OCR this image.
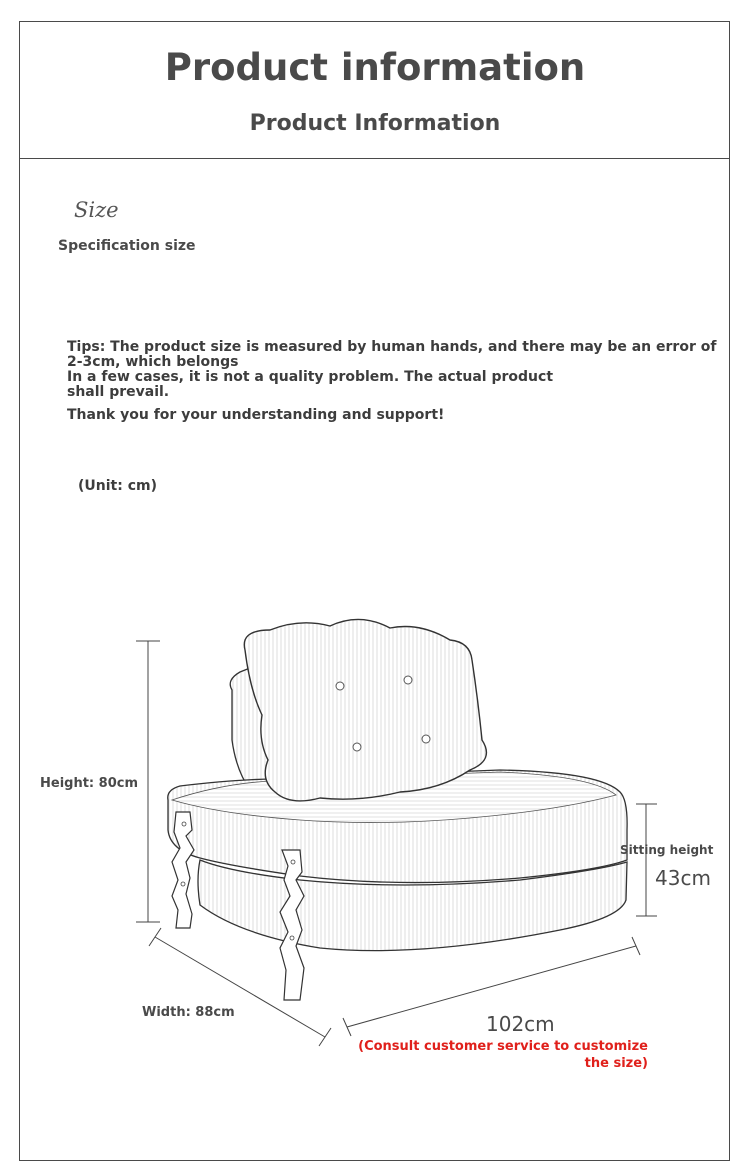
Product information
Product Information
Size
Specification size
Tips: The product size is measured by human hands, and there may be an error of
2-3cm, which belongs
In a few cases, it is not a quality problem. The actual product
shall prevail.
Thank you for your understanding and support!
(Unit: cm)
Height: 80cm
Sitting height
43cm
Width: 88cm	102cm
(Consult customer service to customize
the size)
